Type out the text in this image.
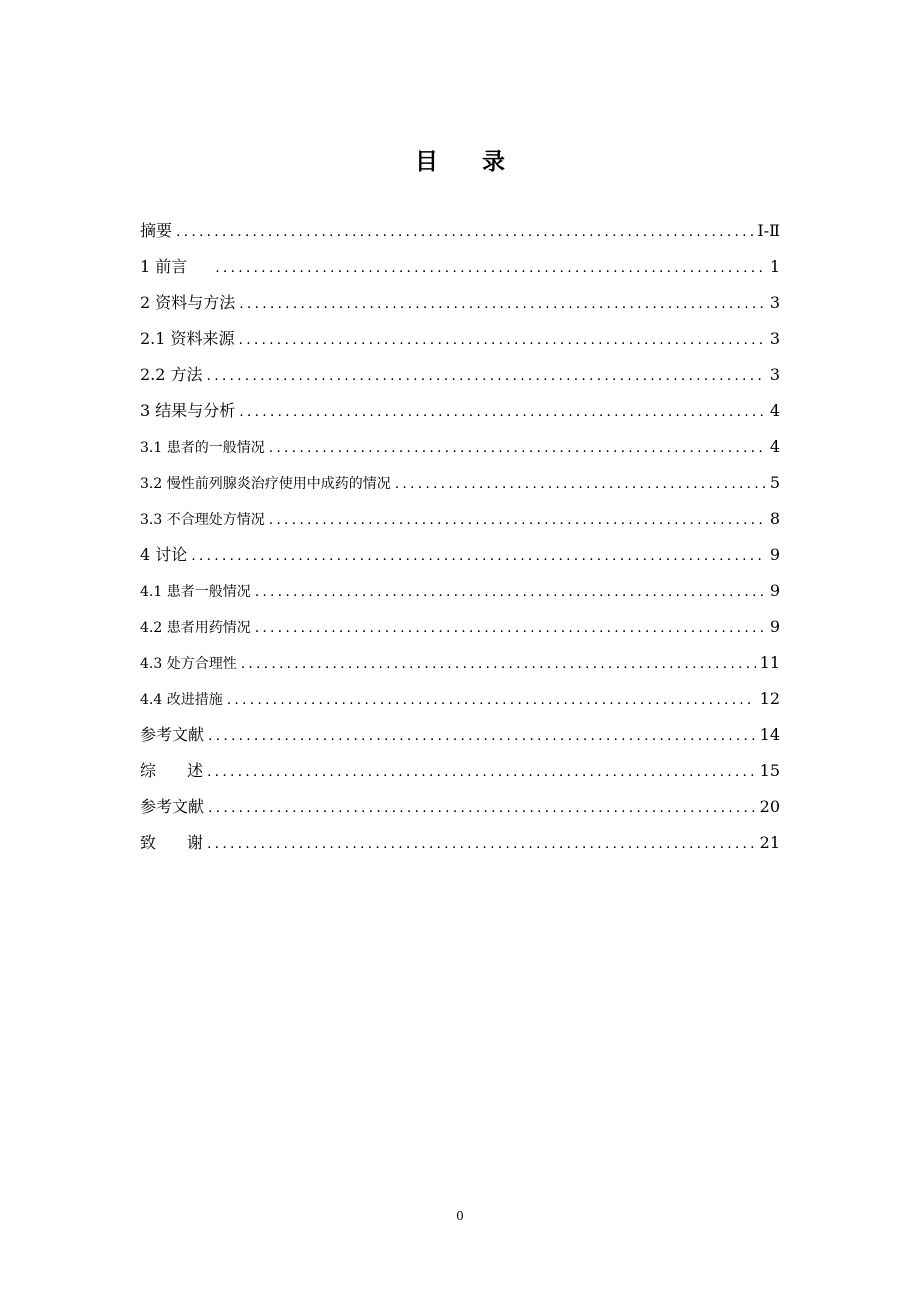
目录
摘要 .....	Ⅰ-Ⅱ
1 前言 .....	1
2 资料与方法 .....	3
2.1 资料来源 .....	3
2.2 方法 .....	3
3 结果与分析 .....	4
3.1 患者的一般情况 .....	4
3.2 慢性前列腺炎治疗使用中成药的情况 .....	5
3.3 不合理处方情况 .....	8
4 讨论 .....	9
4.1 患者一般情况 .....	9
4.2 患者用药情况 .....	9
4.3 处方合理性 .....	11
4.4 改进措施 .....	12
参考文献 .....	14
综述 .....	15
参考文献 .....	20
致谢 .....	21
0
